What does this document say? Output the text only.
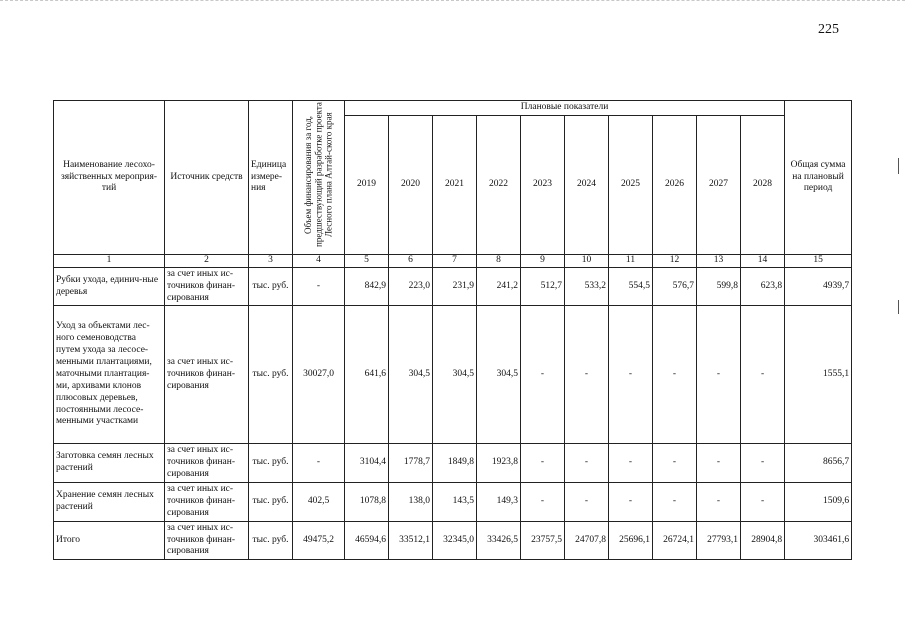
225
Наименование лесохо-зяйственных мероприя-тий	Источник средств	Единица измере-ния	Объем финансирования за год, предшествующий разработке проекта Лесного плана Алтай-ского края	Плановые показатели										Общая сумма на плановый период
				2019	2020	2021	2022	2023	2024	2025	2026	2027	2028	
1	2	3	4	5	6	7	8	9	10	11	12	13	14	15
Рубки ухода, единич-ные деревья	за счет иных ис-точников финан-сирования	тыс. руб.	-	842,9	223,0	231,9	241,2	512,7	533,2	554,5	576,7	599,8	623,8	4939,7
Уход за объектами лес-ного семеноводства путем ухода за лесосе-менными плантациями, маточными плантация-ми, архивами клонов плюсовых деревьев, постоянными лесосе-менными участками	за счет иных ис-точников финан-сирования	тыс. руб.	30027,0	641,6	304,5	304,5	304,5	-	-	-	-	-	-	1555,1
Заготовка семян лесных растений	за счет иных ис-точников финан-сирования	тыс. руб.	-	3104,4	1778,7	1849,8	1923,8	-	-	-	-	-	-	8656,7
Хранение семян лесных растений	за счет иных ис-точников финан-сирования	тыс. руб.	402,5	1078,8	138,0	143,5	149,3	-	-	-	-	-	-	1509,6
Итого	за счет иных ис-точников финан-сирования	тыс. руб.	49475,2	46594,6	33512,1	32345,0	33426,5	23757,5	24707,8	25696,1	26724,1	27793,1	28904,8	303461,6
